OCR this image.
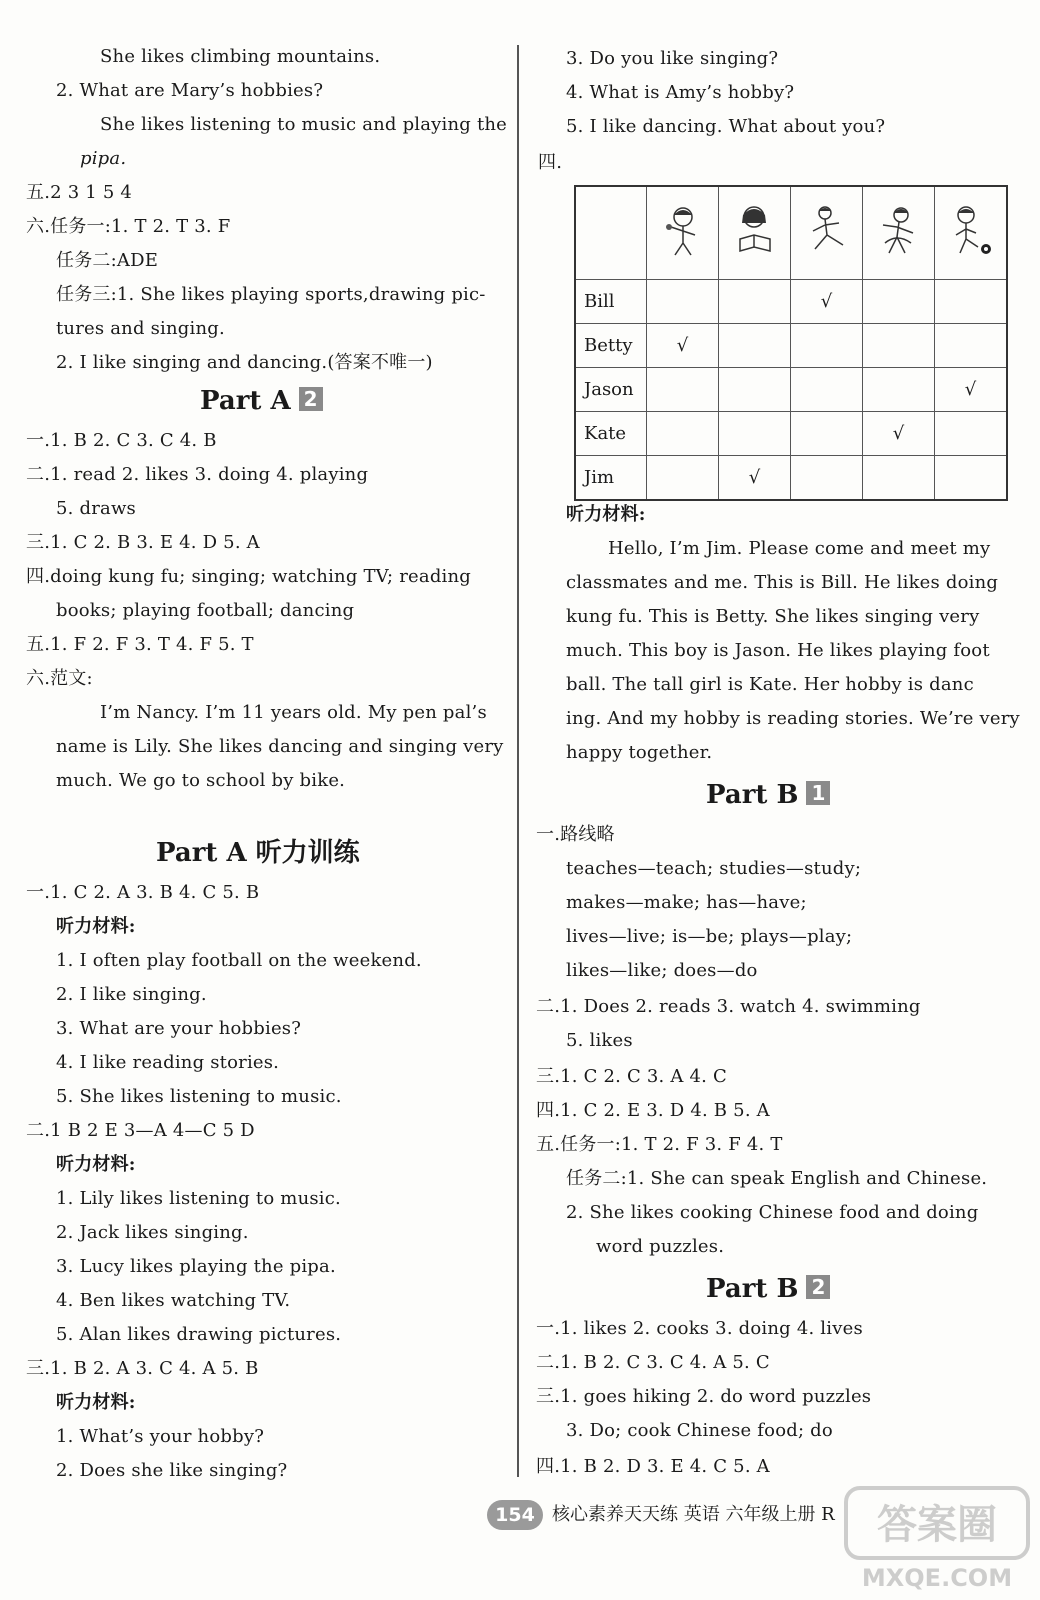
She likes climbing mountains.
2. What are Mary’s hobbies?
She likes listening to music and playing the
pipa.
五.2 3 1 5 4
六.任务一:1. T 2. T 3. F
任务二:ADE
任务三:1. She likes playing sports,drawing pic-
tures and singing.
2. I like singing and dancing.(答案不唯一)
Part A 2
一.1. B 2. C 3. C 4. B
二.1. read 2. likes 3. doing 4. playing
5. draws
三.1. C 2. B 3. E 4. D 5. A
四.doing kung fu; singing; watching TV; reading
books; playing football; dancing
五.1. F 2. F 3. T 4. F 5. T
六.范文:
I’m Nancy. I’m 11 years old. My pen pal’s
name is Lily. She likes dancing and singing very
much. We go to school by bike.
Part A 听力训练
一.1. C 2. A 3. B 4. C 5. B
听力材料:
1. I often play football on the weekend.
2. I like singing.
3. What are your hobbies?
4. I like reading stories.
5. She likes listening to music.
二.1 B 2 E 3—A 4—C 5 D
听力材料:
1. Lily likes listening to music.
2. Jack likes singing.
3. Lucy likes playing the pipa.
4. Ben likes watching TV.
5. Alan likes drawing pictures.
三.1. B 2. A 3. C 4. A 5. B
听力材料:
1. What’s your hobby?
2. Does she like singing?
3. Do you like singing?
4. What is Amy’s hobby?
5. I like dancing. What about you?
四.

Bill			√		
Betty	√				
Jason					√
Kate				√	
Jim		√			
听力材料:
Hello, I’m Jim. Please come and meet my
classmates and me. This is Bill. He likes doing
kung fu. This is Betty. She likes singing very
much. This boy is Jason. He likes playing foot
ball. The tall girl is Kate. Her hobby is danc
ing. And my hobby is reading stories. We’re very
happy together.
Part B 1
一.路线略
teaches—teach; studies—study;
makes—make; has—have;
lives—live; is—be; plays—play;
likes—like; does—do
二.1. Does 2. reads 3. watch 4. swimming
5. likes
三.1. C 2. C 3. A 4. C
四.1. C 2. E 3. D 4. B 5. A
五.任务一:1. T 2. F 3. F 4. T
任务二:1. She can speak English and Chinese.
2. She likes cooking Chinese food and doing
word puzzles.
Part B 2
一.1. likes 2. cooks 3. doing 4. lives
二.1. B 2. C 3. C 4. A 5. C
三.1. goes hiking 2. do word puzzles
3. Do; cook Chinese food; do
四.1. B 2. D 3. E 4. C 5. A
154 核心素养天天练 英语 六年级上册 R 答案圈
MXQE.COM
